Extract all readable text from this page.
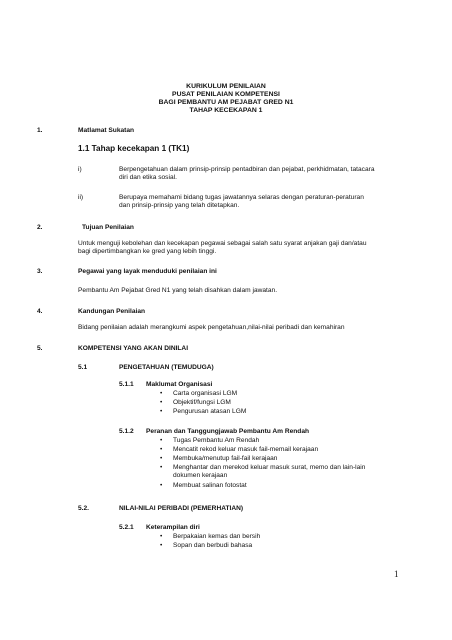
KURIKULUM PENILAIAN
PUSAT PENILAIAN KOMPETENSI
BAGI PEMBANTU AM PEJABAT GRED N1
TAHAP KECEKAPAN 1
1.	Matlamat Sukatan
1.1 Tahap kecekapan 1 (TK1)
i)	Berpengetahuan dalam prinsip-prinsip pentadbiran dan pejabat, perkhidmatan, tatacara
diri dan etika sosial.
ii)	Berupaya memahami bidang tugas jawatannya selaras dengan peraturan-peraturan
dan prinsip-prinsip yang telah ditetapkan.
2.	Tujuan Penilaian
Untuk menguji kebolehan dan kecekapan pegawai sebagai salah satu syarat anjakan gaji dan/atau
bagi dipertimbangkan ke gred yang lebih tinggi.
3.	Pegawai yang layak menduduki penilaian ini
Pembantu Am Pejabat Gred N1 yang telah disahkan dalam jawatan.
4.	Kandungan Penilaian
Bidang penilaian adalah merangkumi aspek pengetahuan,nilai-nilai peribadi dan kemahiran
5.	KOMPETENSI YANG AKAN DINILAI
5.1	PENGETAHUAN (TEMUDUGA)
5.1.1 Maklumat Organisasi
• Carta organisasi LGM
• Objektif/fungsi LGM
• Pengurusan atasan LGM
5.1.2 Peranan dan Tanggungjawab Pembantu Am Rendah
• Tugas Pembantu Am Rendah
• Mencatit rekod keluar masuk fail-memail kerajaan
• Membuka/menutup fail-fail kerajaan
• Menghantar dan merekod keluar masuk surat, memo dan lain-lain
dokumen kerajaan
• Membuat salinan fotostat
5.2.	NILAI-NILAI PERIBADI (PEMERHATIAN)
5.2.1 Keterampilan diri
• Berpakaian kemas dan bersih
• Sopan dan berbudi bahasa
1
